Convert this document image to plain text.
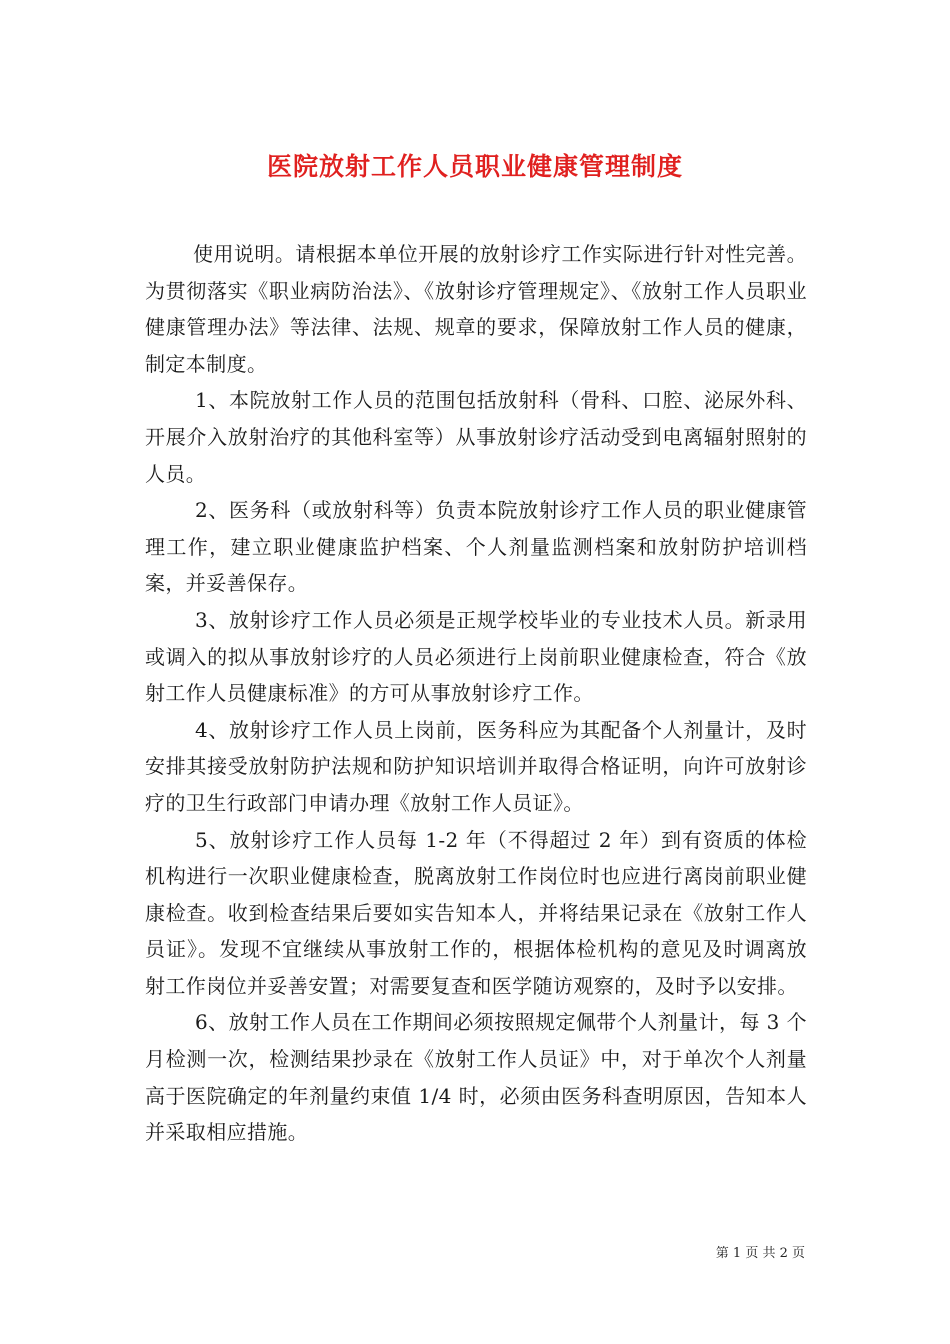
医院放射工作人员职业健康管理制度

使用说明。请根据本单位开展的放射诊疗工作实际进行针对性完善。为贯彻落实《职业病防治法》、《放射诊疗管理规定》、《放射工作人员职业健康管理办法》等法律、法规、规章的要求，保障放射工作人员的健康，制定本制度。

1、本院放射工作人员的范围包括放射科（骨科、口腔、泌尿外科、开展介入放射治疗的其他科室等）从事放射诊疗活动受到电离辐射照射的人员。

2、医务科（或放射科等）负责本院放射诊疗工作人员的职业健康管理工作，建立职业健康监护档案、个人剂量监测档案和放射防护培训档案，并妥善保存。

3、放射诊疗工作人员必须是正规学校毕业的专业技术人员。新录用或调入的拟从事放射诊疗的人员必须进行上岗前职业健康检查，符合《放射工作人员健康标准》的方可从事放射诊疗工作。

4、放射诊疗工作人员上岗前，医务科应为其配备个人剂量计，及时安排其接受放射防护法规和防护知识培训并取得合格证明，向许可放射诊疗的卫生行政部门申请办理《放射工作人员证》。

5、放射诊疗工作人员每 1-2 年（不得超过 2 年）到有资质的体检机构进行一次职业健康检查，脱离放射工作岗位时也应进行离岗前职业健康检查。收到检查结果后要如实告知本人，并将结果记录在《放射工作人员证》。发现不宜继续从事放射工作的，根据体检机构的意见及时调离放射工作岗位并妥善安置；对需要复查和医学随访观察的，及时予以安排。

6、放射工作人员在工作期间必须按照规定佩带个人剂量计，每 3 个月检测一次，检测结果抄录在《放射工作人员证》中，对于单次个人剂量高于医院确定的年剂量约束值 1/4 时，必须由医务科查明原因，告知本人并采取相应措施。

第 1 页 共 2 页
